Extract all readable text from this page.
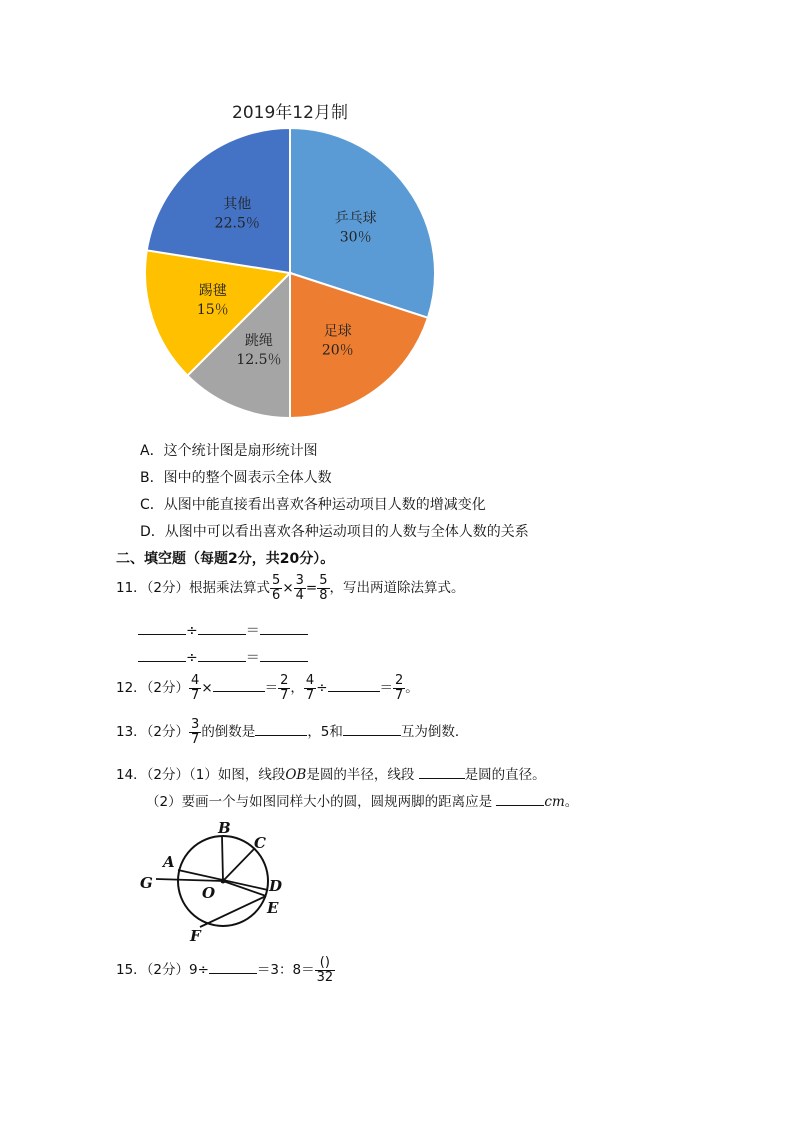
2019年12月制
乒乓球
30％
足球
20％
跳绳
12.5％
踢毽
15％
其他
22.5％
A．这个统计图是扇形统计图
B．图中的整个圆表示全体人数
C．从图中能直接看出喜欢各种运动项目人数的增减变化
D．从图中可以看出喜欢各种运动项目的人数与全体人数的关系
二、填空题（每题2分，共20分）。
11．（2分）根据乘法算式 $\frac{5}{6} \times \frac{3}{4} = \frac{5}{8}$ ，写出两道除法算式。
÷	＝
÷	＝
12．（2分） $\frac{4}{7}$ ×	＝ $\frac{2}{7}$ ， $\frac{4}{7}$ ÷	＝ $\frac{2}{7}$ 。
13．（2分） $\frac{3}{7}$ 的倒数是	，5和	互为倒数．
14．（2分）（1）如图，线段OB是圆的半径，线段	是圆的直径。
（2）要画一个与如图同样大小的圆，圆规两脚的距离应是	cm。
B
C
A
G
O	D
E
F
15．（2分）9÷	＝3：$8= \frac{()}{32}$
